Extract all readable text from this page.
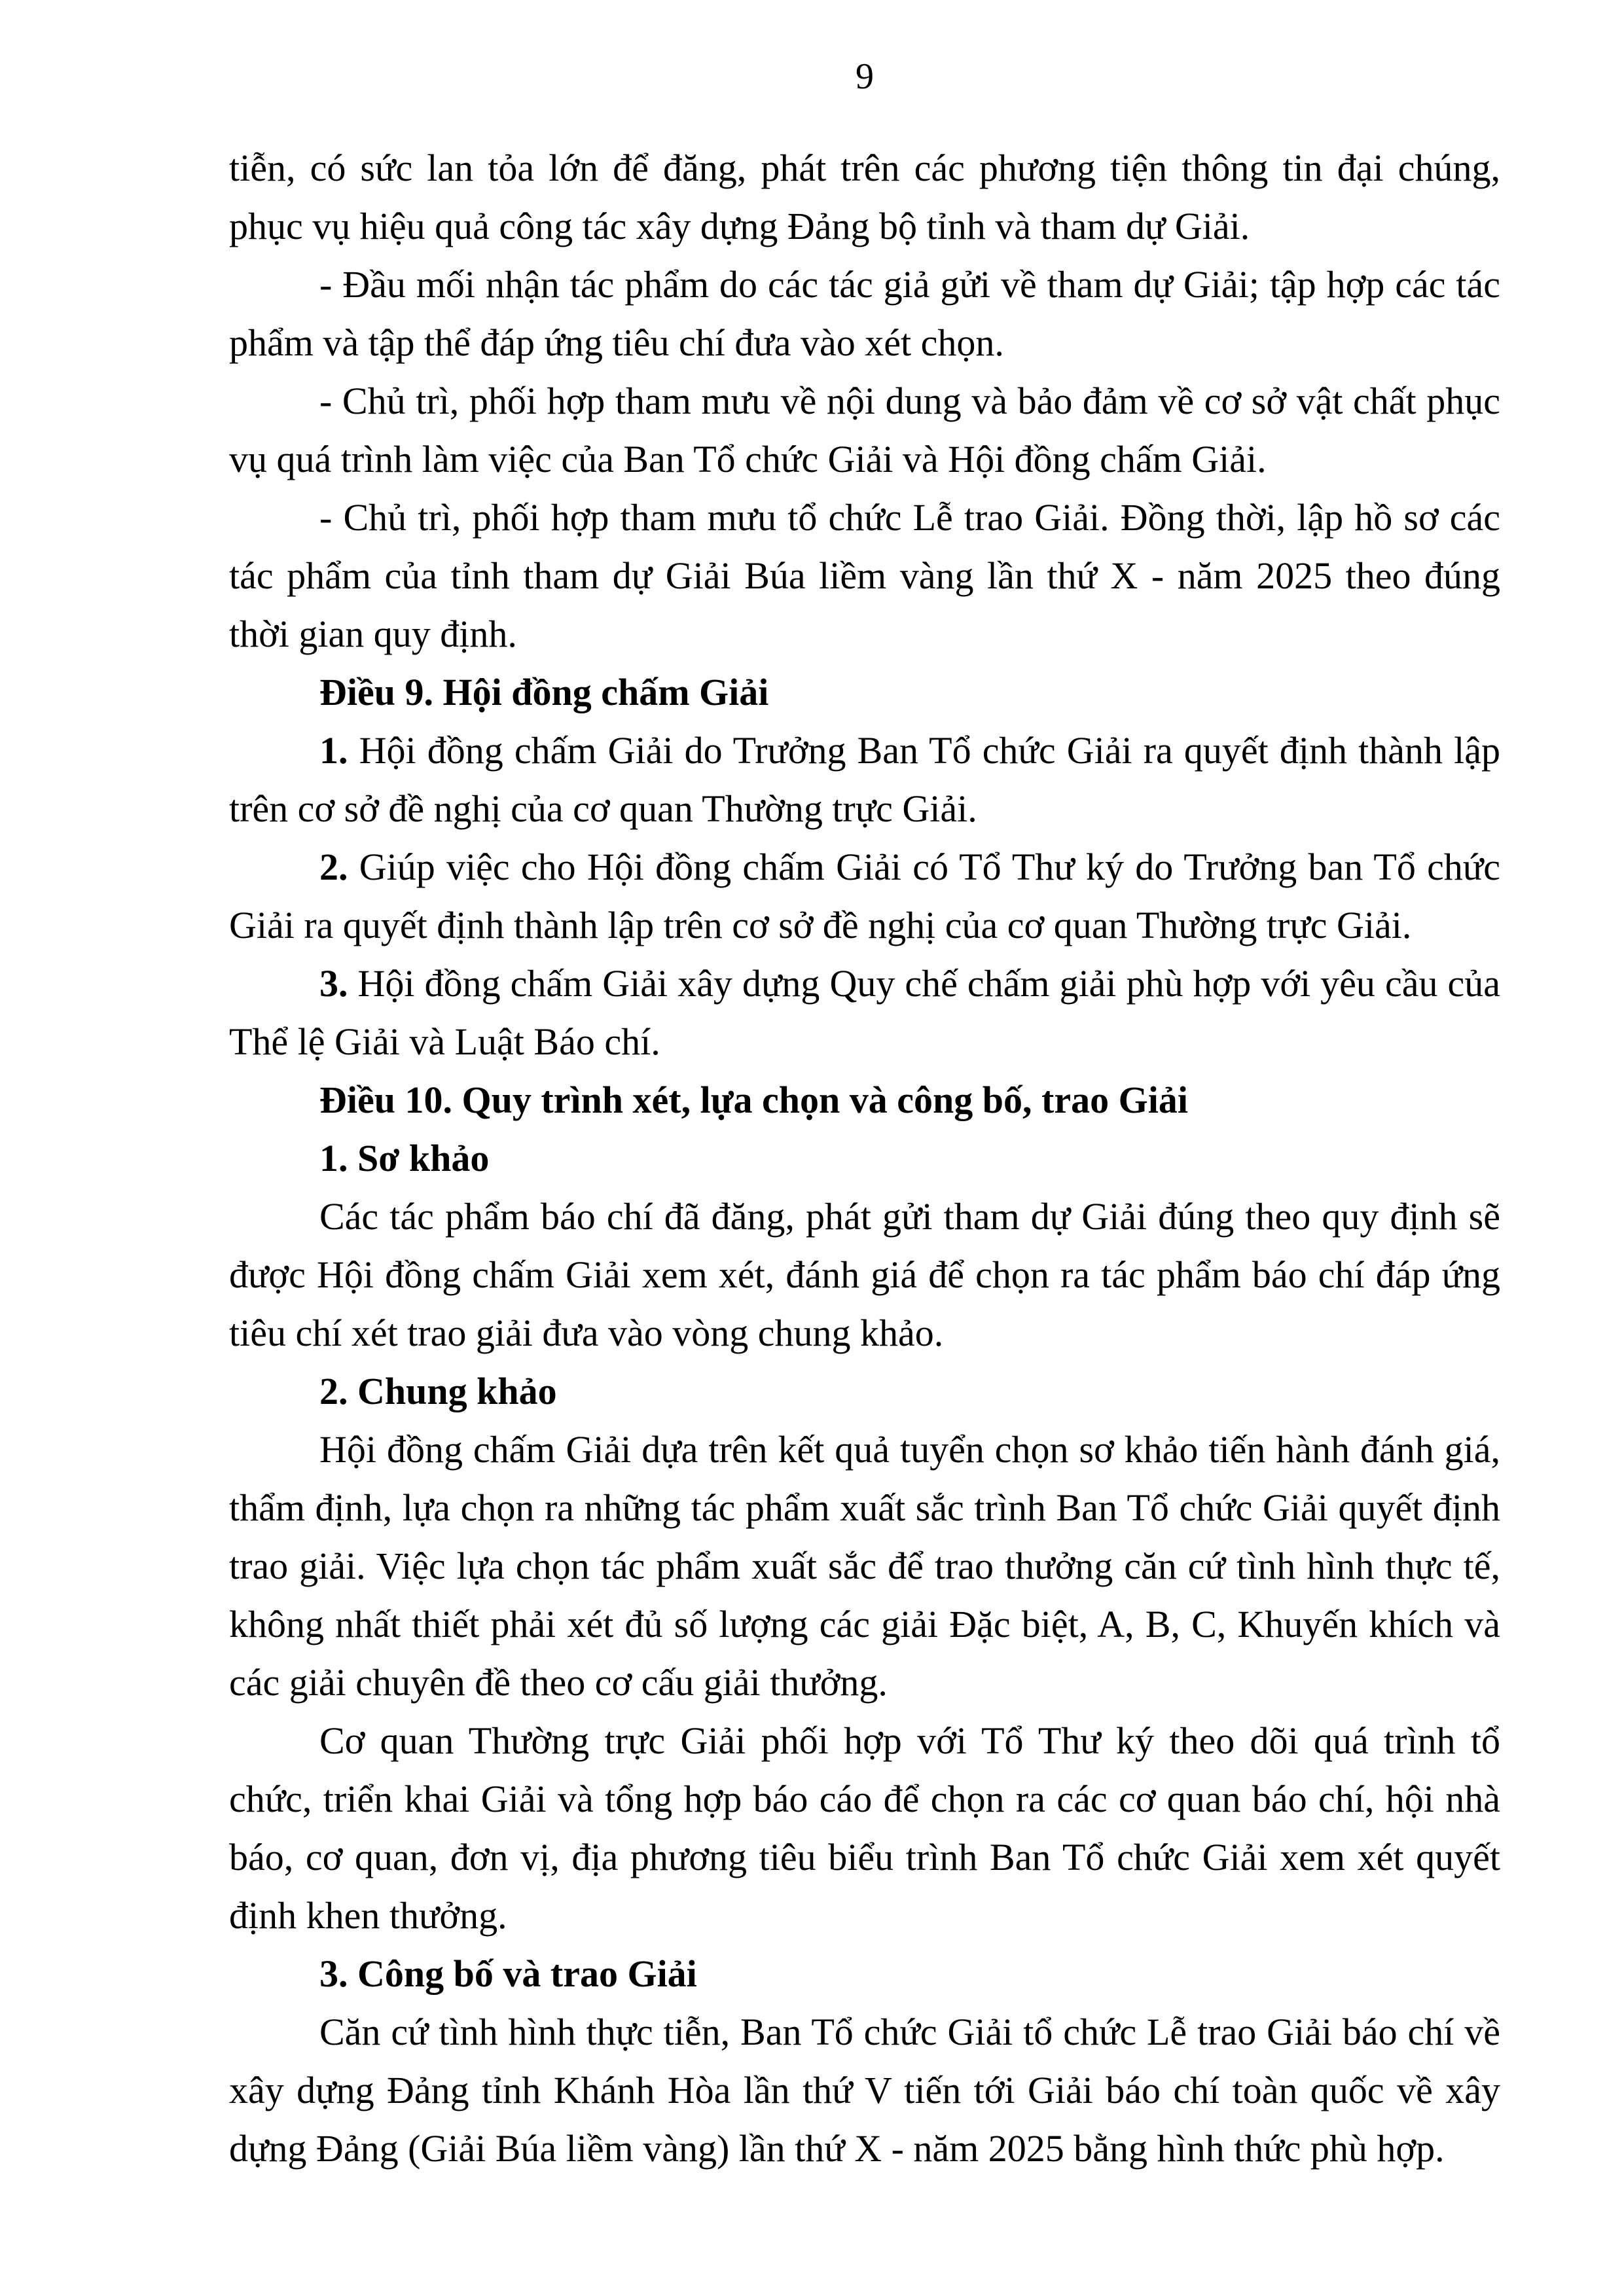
9

tiễn, có sức lan tỏa lớn để đăng, phát trên các phương tiện thông tin đại chúng, phục vụ hiệu quả công tác xây dựng Đảng bộ tỉnh và tham dự Giải.

- Đầu mối nhận tác phẩm do các tác giả gửi về tham dự Giải; tập hợp các tác phẩm và tập thể đáp ứng tiêu chí đưa vào xét chọn.

- Chủ trì, phối hợp tham mưu về nội dung và bảo đảm về cơ sở vật chất phục vụ quá trình làm việc của Ban Tổ chức Giải và Hội đồng chấm Giải.

- Chủ trì, phối hợp tham mưu tổ chức Lễ trao Giải. Đồng thời, lập hồ sơ các tác phẩm của tỉnh tham dự Giải Búa liềm vàng lần thứ X - năm 2025 theo đúng thời gian quy định.

Điều 9. Hội đồng chấm Giải

1. Hội đồng chấm Giải do Trưởng Ban Tổ chức Giải ra quyết định thành lập trên cơ sở đề nghị của cơ quan Thường trực Giải.

2. Giúp việc cho Hội đồng chấm Giải có Tổ Thư ký do Trưởng ban Tổ chức Giải ra quyết định thành lập trên cơ sở đề nghị của cơ quan Thường trực Giải.

3. Hội đồng chấm Giải xây dựng Quy chế chấm giải phù hợp với yêu cầu của Thể lệ Giải và Luật Báo chí.

Điều 10. Quy trình xét, lựa chọn và công bố, trao Giải

1. Sơ khảo

Các tác phẩm báo chí đã đăng, phát gửi tham dự Giải đúng theo quy định sẽ được Hội đồng chấm Giải xem xét, đánh giá để chọn ra tác phẩm báo chí đáp ứng tiêu chí xét trao giải đưa vào vòng chung khảo.

2. Chung khảo

Hội đồng chấm Giải dựa trên kết quả tuyển chọn sơ khảo tiến hành đánh giá, thẩm định, lựa chọn ra những tác phẩm xuất sắc trình Ban Tổ chức Giải quyết định trao giải. Việc lựa chọn tác phẩm xuất sắc để trao thưởng căn cứ tình hình thực tế, không nhất thiết phải xét đủ số lượng các giải Đặc biệt, A, B, C, Khuyến khích và các giải chuyên đề theo cơ cấu giải thưởng.

Cơ quan Thường trực Giải phối hợp với Tổ Thư ký theo dõi quá trình tổ chức, triển khai Giải và tổng hợp báo cáo để chọn ra các cơ quan báo chí, hội nhà báo, cơ quan, đơn vị, địa phương tiêu biểu trình Ban Tổ chức Giải xem xét quyết định khen thưởng.

3. Công bố và trao Giải

Căn cứ tình hình thực tiễn, Ban Tổ chức Giải tổ chức Lễ trao Giải báo chí về xây dựng Đảng tỉnh Khánh Hòa lần thứ V tiến tới Giải báo chí toàn quốc về xây dựng Đảng (Giải Búa liềm vàng) lần thứ X - năm 2025 bằng hình thức phù hợp.
